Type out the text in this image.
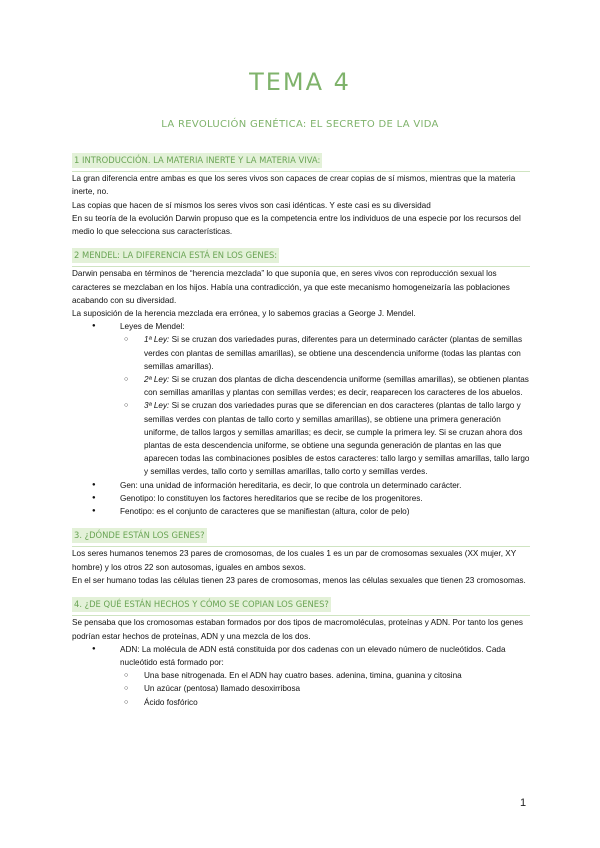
TEMA 4
LA REVOLUCIÓN GENÉTICA: EL SECRETO DE LA VIDA
1 INTRODUCCIÓN. LA MATERIA INERTE Y LA MATERIA VIVA:

La gran diferencia entre ambas es que los seres vivos son capaces de crear copias de sí mismos, mientras que la materia inerte, no.

Las copias que hacen de sí mismos los seres vivos son casi idénticas. Y este casi es su diversidad

En su teoría de la evolución Darwin propuso que es la competencia entre los individuos de una especie por los recursos del medio lo que selecciona sus características.

2 MENDEL: LA DIFERENCIA ESTÁ EN LOS GENES:

Darwin pensaba en términos de “herencia mezclada” lo que suponía que, en seres vivos con reproducción sexual los caracteres se mezclaban en los hijos. Había una contradicción, ya que este mecanismo homogeneizaría las poblaciones acabando con su diversidad.

La suposición de la herencia mezclada era errónea, y lo sabemos gracias a George J. Mendel.

● Leyes de Mendel:
○ 1ª Ley: Si se cruzan dos variedades puras, diferentes para un determinado carácter (plantas de semillas verdes con plantas de semillas amarillas), se obtiene una descendencia uniforme (todas las plantas con semillas amarillas).
○ 2ª Ley: Si se cruzan dos plantas de dicha descendencia uniforme (semillas amarillas), se obtienen plantas con semillas amarillas y plantas con semillas verdes; es decir, reaparecen los caracteres de los abuelos.
○ 3ª Ley: Si se cruzan dos variedades puras que se diferencian en dos caracteres (plantas de tallo largo y semillas verdes con plantas de tallo corto y semillas amarillas), se obtiene una primera generación uniforme, de tallos largos y semillas amarillas; es decir, se cumple la primera ley. Si se cruzan ahora dos plantas de esta descendencia uniforme, se obtiene una segunda generación de plantas en las que aparecen todas las combinaciones posibles de estos caracteres: tallo largo y semillas amarillas, tallo largo y semillas verdes, tallo corto y semillas amarillas, tallo corto y semillas verdes.
● Gen: una unidad de información hereditaria, es decir, lo que controla un determinado carácter.
● Genotipo: lo constituyen los factores hereditarios que se recibe de los progenitores.
● Fenotipo: es el conjunto de caracteres que se manifiestan (altura, color de pelo)
3. ¿DÓNDE ESTÁN LOS GENES?

Los seres humanos tenemos 23 pares de cromosomas, de los cuales 1 es un par de cromosomas sexuales (XX mujer, XY hombre) y los otros 22 son autosomas, iguales en ambos sexos.

En el ser humano todas las células tienen 23 pares de cromosomas, menos las células sexuales que tienen 23 cromosomas.

4. ¿DE QUÉ ESTÁN HECHOS Y CÓMO SE COPIAN LOS GENES?

Se pensaba que los cromosomas estaban formados por dos tipos de macromoléculas, proteínas y ADN. Por tanto los genes podrían estar hechos de proteínas, ADN y una mezcla de los dos.

● ADN: La molécula de ADN está constituida por dos cadenas con un elevado número de nucleótidos. Cada nucleótido está formado por:
○ Una base nitrogenada. En el ADN hay cuatro bases. adenina, timina, guanina y citosina
○ Un azúcar (pentosa) llamado desoxirribosa
○ Ácido fosfórico
1
